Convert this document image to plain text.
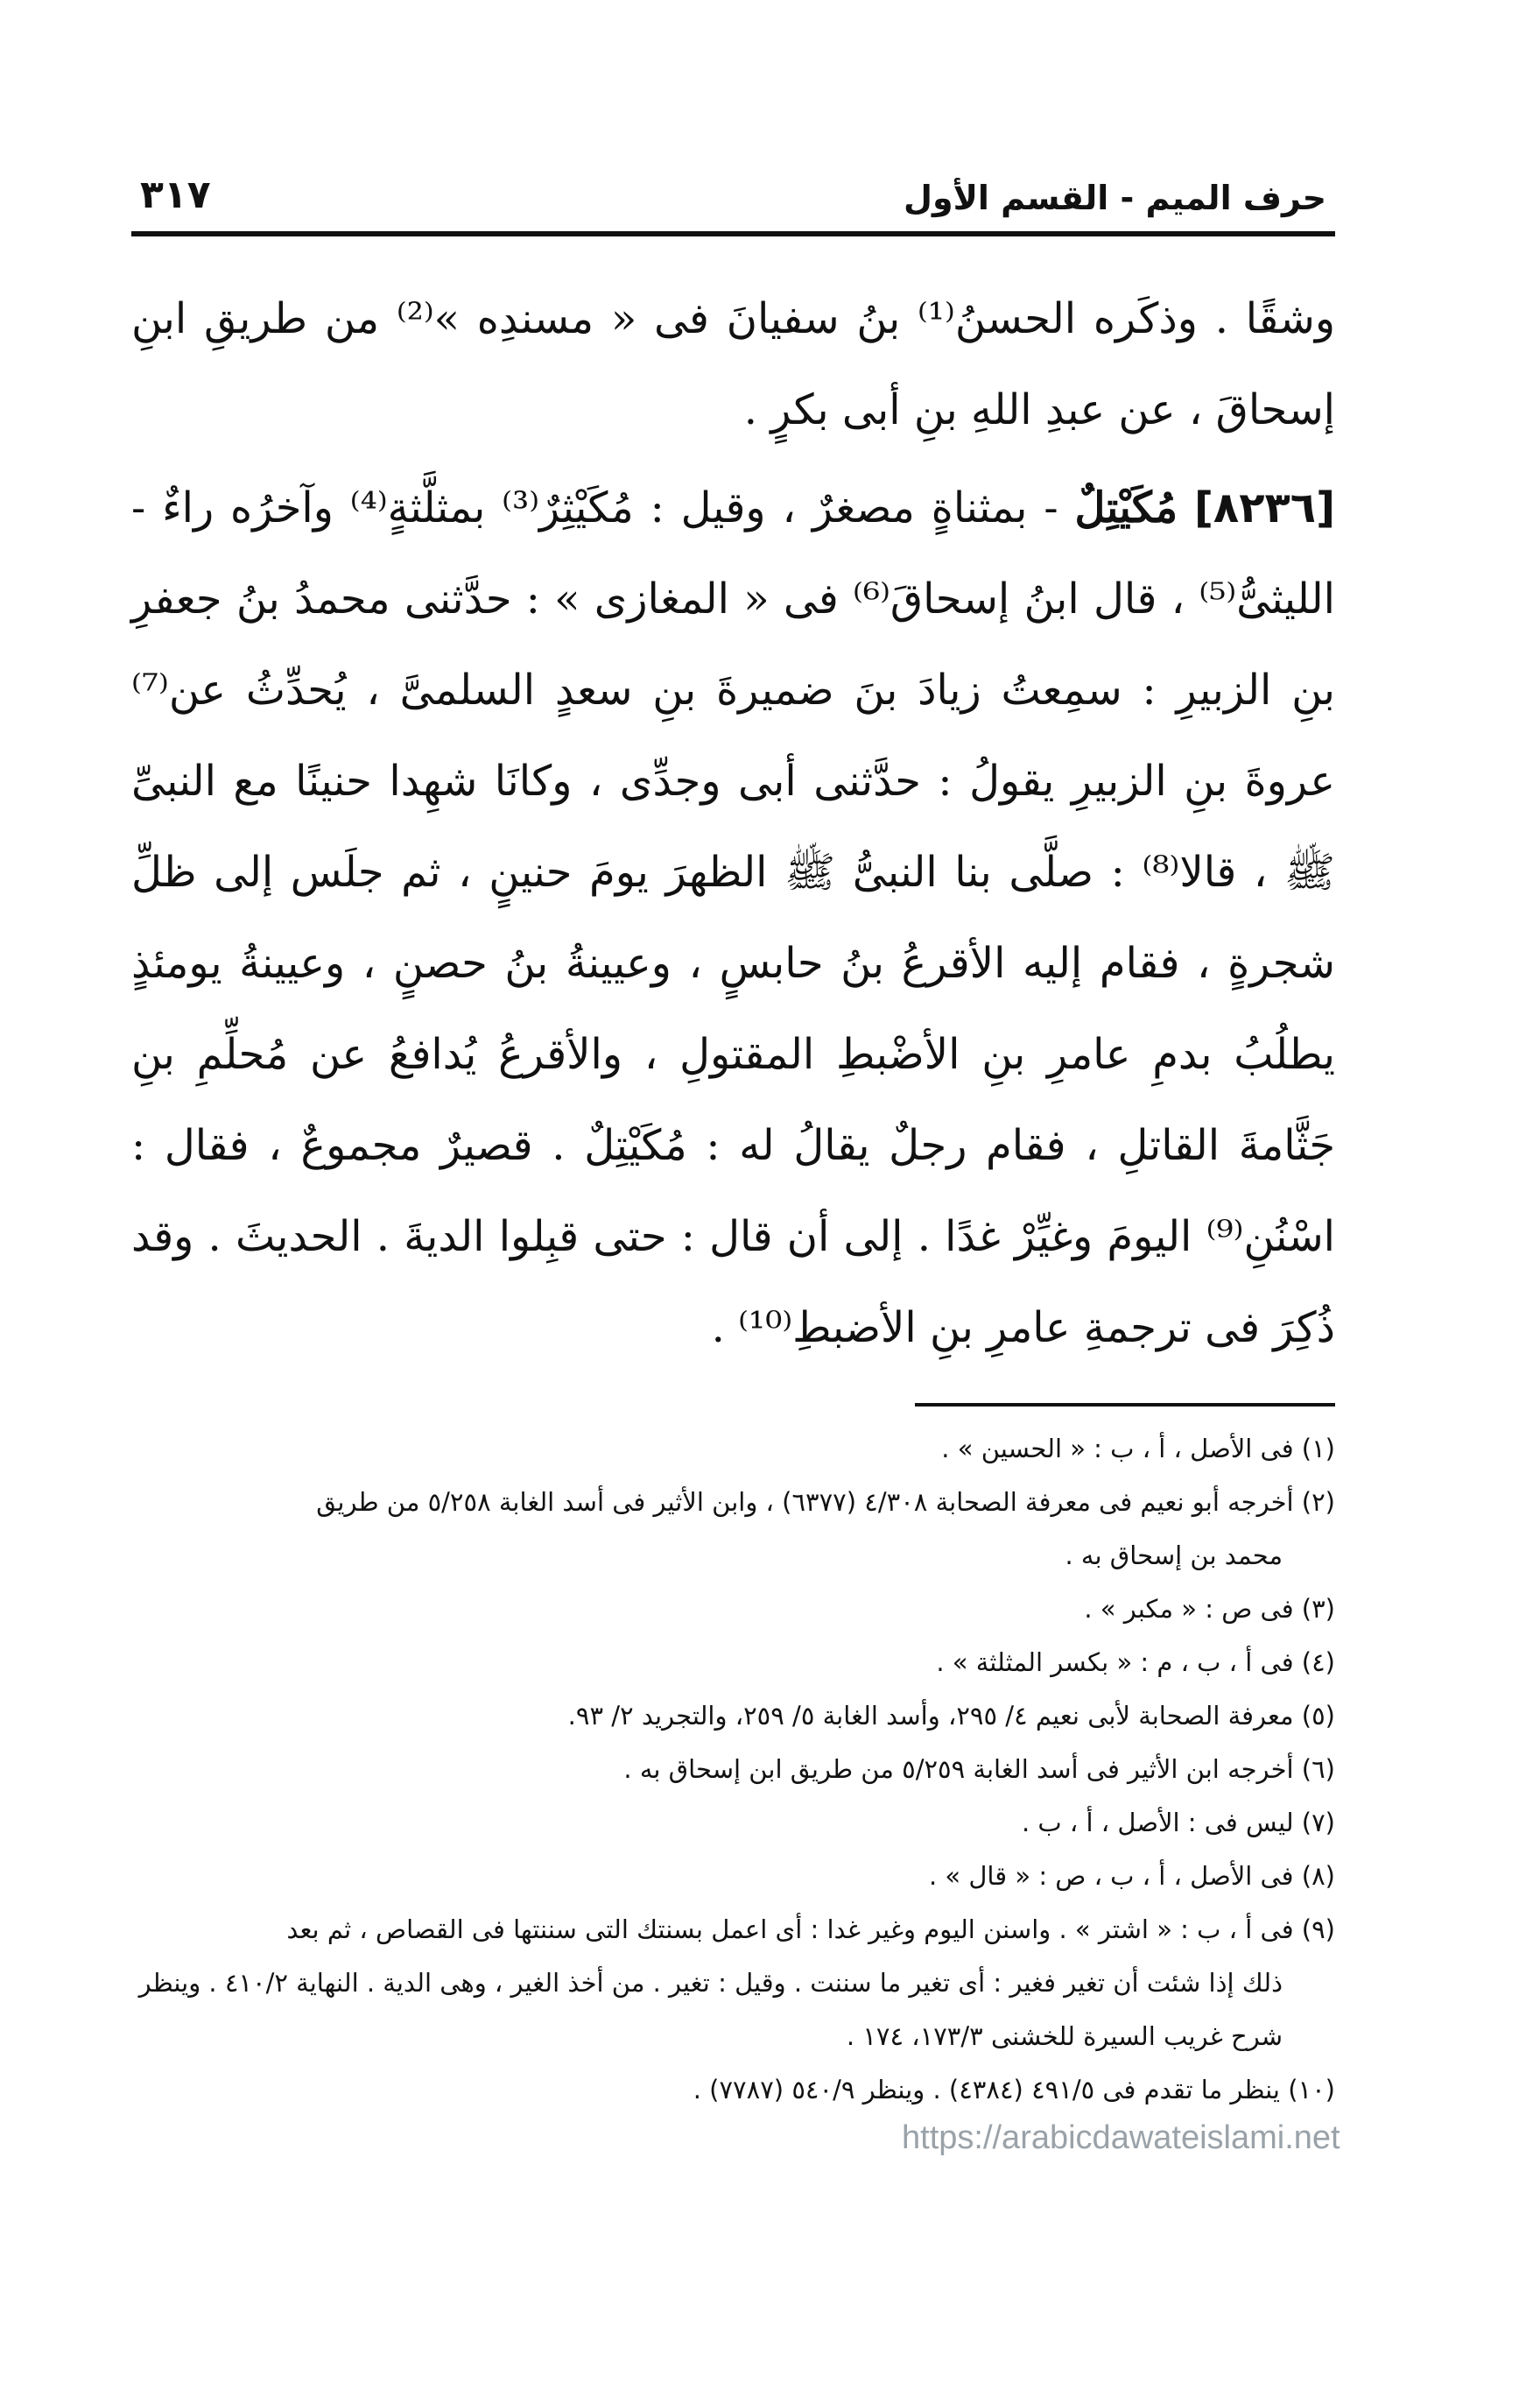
حرف الميم - القسم الأول
٣١٧

وشقًا . وذكَره الحسنُ⁽¹⁾ بنُ سفيانَ فى « مسندِه »⁽²⁾ من طريقِ ابنِ إسحاقَ ، عن عبدِ اللهِ بنِ أبى بكرٍ .

[٨٢٣٦] مُكَيْتِلٌ - بمثناةٍ مصغرٌ ، وقيل : مُكَيْثِرٌ⁽³⁾ بمثلَّثةٍ⁽⁴⁾ وآخرُه راءٌ - الليثىُّ⁽⁵⁾ ، قال ابنُ إسحاقَ⁽⁶⁾ فى « المغازى » : حدَّثنى محمدُ بنُ جعفرِ بنِ الزبيرِ : سمِعتُ زيادَ بنَ ضميرةَ بنِ سعدٍ السلمىَّ ، يُحدِّثُ عن⁽⁷⁾ عروةَ بنِ الزبيرِ يقولُ : حدَّثنى أبى وجدِّى ، وكانَا شهِدا حنينًا مع النبىِّ ﷺ ، قالا⁽⁸⁾ : صلَّى بنا النبىُّ ﷺ الظهرَ يومَ حنينٍ ، ثم جلَس إلى ظلِّ شجرةٍ ، فقام إليه الأقرعُ بنُ حابسٍ ، وعيينةُ بنُ حصنٍ ، وعيينةُ يومئذٍ يطلُبُ بدمِ عامرِ بنِ الأضْبطِ المقتولِ ، والأقرعُ يُدافعُ عن مُحلِّمِ بنِ جَثَّامةَ القاتلِ ، فقام رجلٌ يقالُ له : مُكَيْتِلٌ . قصيرٌ مجموعٌ ، فقال : اسْنُنِ⁽⁹⁾ اليومَ وغيِّرْ غدًا . إلى أن قال : حتى قبِلوا الديةَ . الحديثَ . وقد ذُكِرَ فى ترجمةِ عامرِ بنِ الأضبطِ⁽¹⁰⁾ .

(١) فى الأصل ، أ ، ب : « الحسين » .

(٢) أخرجه أبو نعيم فى معرفة الصحابة ٤/٣٠٨ (٦٣٧٧) ، وابن الأثير فى أسد الغابة ٥/٢٥٨ من طريق
محمد بن إسحاق به .

(٣) فى ص : « مكبر » .

(٤) فى أ ، ب ، م : « بكسر المثلثة » .

(٥) معرفة الصحابة لأبى نعيم ٤/ ٢٩٥، وأسد الغابة ٥/ ٢٥٩، والتجريد ٢/ ٩٣.

(٦) أخرجه ابن الأثير فى أسد الغابة ٥/٢٥٩ من طريق ابن إسحاق به .

(٧) ليس فى : الأصل ، أ ، ب .

(٨) فى الأصل ، أ ، ب ، ص : « قال » .

(٩) فى أ ، ب : « اشتر » . واسنن اليوم وغير غدا : أى اعمل بسنتك التى سننتها فى القصاص ، ثم بعد
ذلك إذا شئت أن تغير فغير : أى تغير ما سننت . وقيل : تغير . من أخذ الغير ، وهى الدية . النهاية ٤١٠/٢ . وينظر شرح غريب السيرة للخشنى ١٧٣/٣، ١٧٤ .

(١٠) ينظر ما تقدم فى ٤٩١/٥ (٤٣٨٤) . وينظر ٥٤٠/٩ (٧٧٨٧) .

https://arabicdawateislami.net
